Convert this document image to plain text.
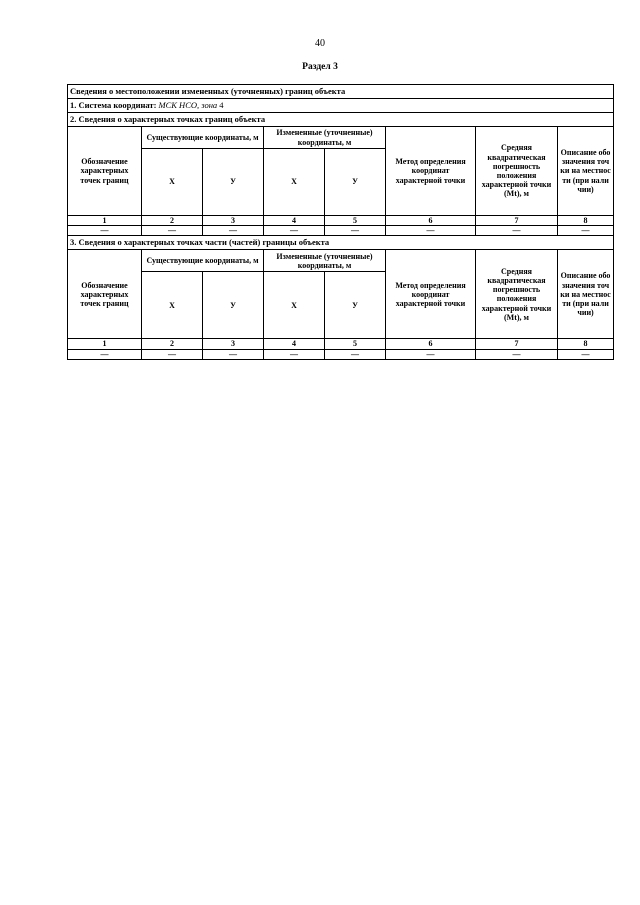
40
Раздел 3
Сведения о местоположении измененных (уточненных) границ объекта							
1. Система координат: МСК НСО, зона 4							
2. Сведения о характерных точках границ объекта							
Обозначение характерных точек границ	Существующие координаты, м		Измененные (уточненные) координаты, м		Метод определения координат характерной точки	Средняя квадратическая погрешность положения характерной точки (Mt), м	Описание обозначения точки на местности (при наличии)
	X	У	X	У			
1	2	3	4	5	6	7	8
—	—	—	—	—	—	—	—
3. Сведения о характерных точках части (частей) границы объекта							
Обозначение характерных точек границ	Существующие координаты, м		Измененные (уточненные) координаты, м		Метод определения координат характерной точки	Средняя квадратическая погрешность положения характерной точки (Mt), м	Описание обозначения точки на местности (при наличии)
	X	У	X	У			
1	2	3	4	5	6	7	8
—	—	—	—	—	—	—	—
